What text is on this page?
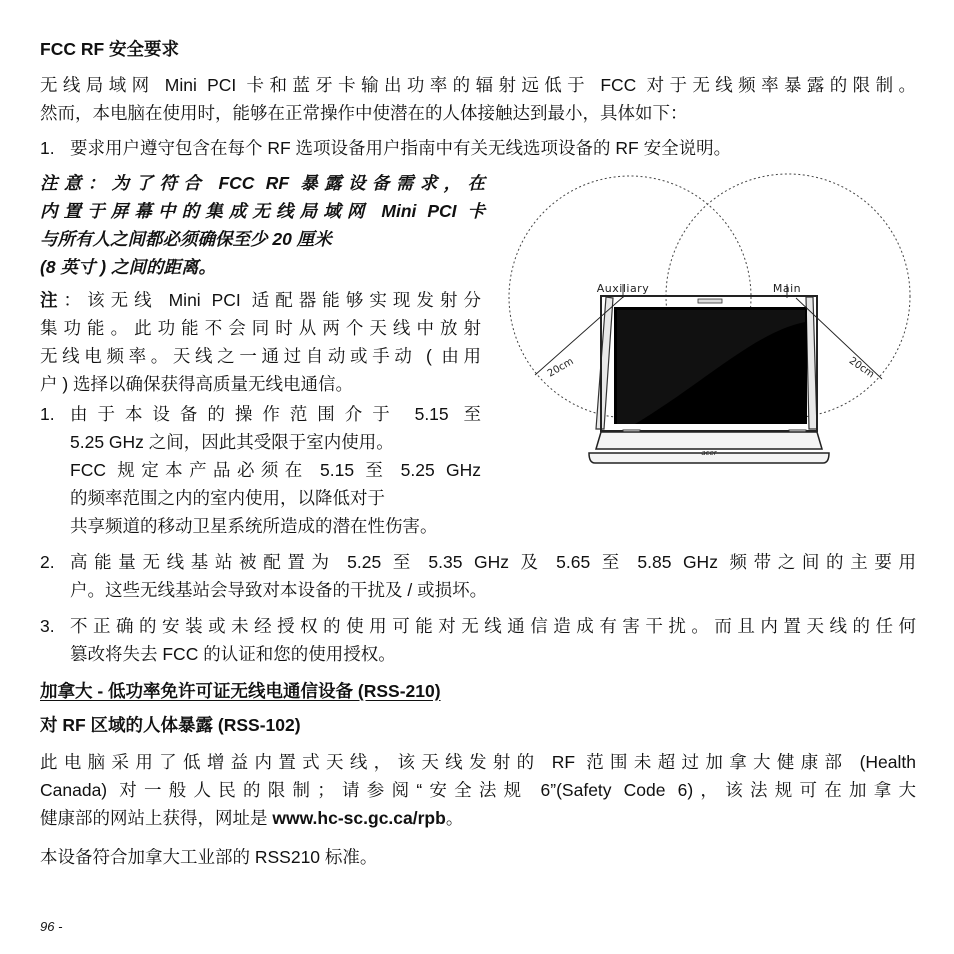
FCC RF 安全要求
无线局域网 Mini PCI 卡和蓝牙卡输出功率的辐射远低于 FCC 对于无线频率暴露的限制。
然而，本电脑在使用时，能够在正常操作中使潜在的人体接触达到最小，具体如下：
1. 要求用户遵守包含在每个 RF 选项设备用户指南中有关无线选项设备的 RF 安全说明。
注意：为了符合 FCC RF 暴露设备需求，在
内置于屏幕中的集成无线局域网 Mini PCI 卡
与所有人之间都必须确保至少 20 厘米
(8 英寸 ) 之间的距离。
注：该无线 Mini PCI 适配器能够实现发射分
集功能。此功能不会同时从两个天线中放射
无线电频率。天线之一通过自动或手动 ( 由用
户 ) 选择以确保获得高质量无线电通信。
1. 由于本设备的操作范围介于 5.15 至
5.25 GHz 之间，因此其受限于室内使用。
FCC 规定本产品必须在 5.15 至 5.25 GHz
的频率范围之内的室内使用，以降低对于
共享频道的移动卫星系统所造成的潜在性伤害。
2. 高能量无线基站被配置为 5.25 至 5.35 GHz 及 5.65 至 5.85 GHz 频带之间的主要用
户。这些无线基站会导致对本设备的干扰及 / 或损坏。
3. 不正确的安装或未经授权的使用可能对无线通信造成有害干扰。而且内置天线的任何
篡改将失去 FCC 的认证和您的使用授权。
加拿大 - 低功率免许可证无线电通信设备 (RSS-210)
对 RF 区域的人体暴露 (RSS-102)
此电脑采用了低增益内置式天线，该天线发射的 RF 范围未超过加拿大健康部 (Health
Canada) 对一般人民的限制；请参阅“安全法规 6”(Safety Code 6)，该法规可在加拿大
健康部的网站上获得，网址是 www.hc-sc.gc.ca/rpb。
本设备符合加拿大工业部的 RSS210 标准。
96 -
acer
Auxiliary	Main
20cm	20cm
